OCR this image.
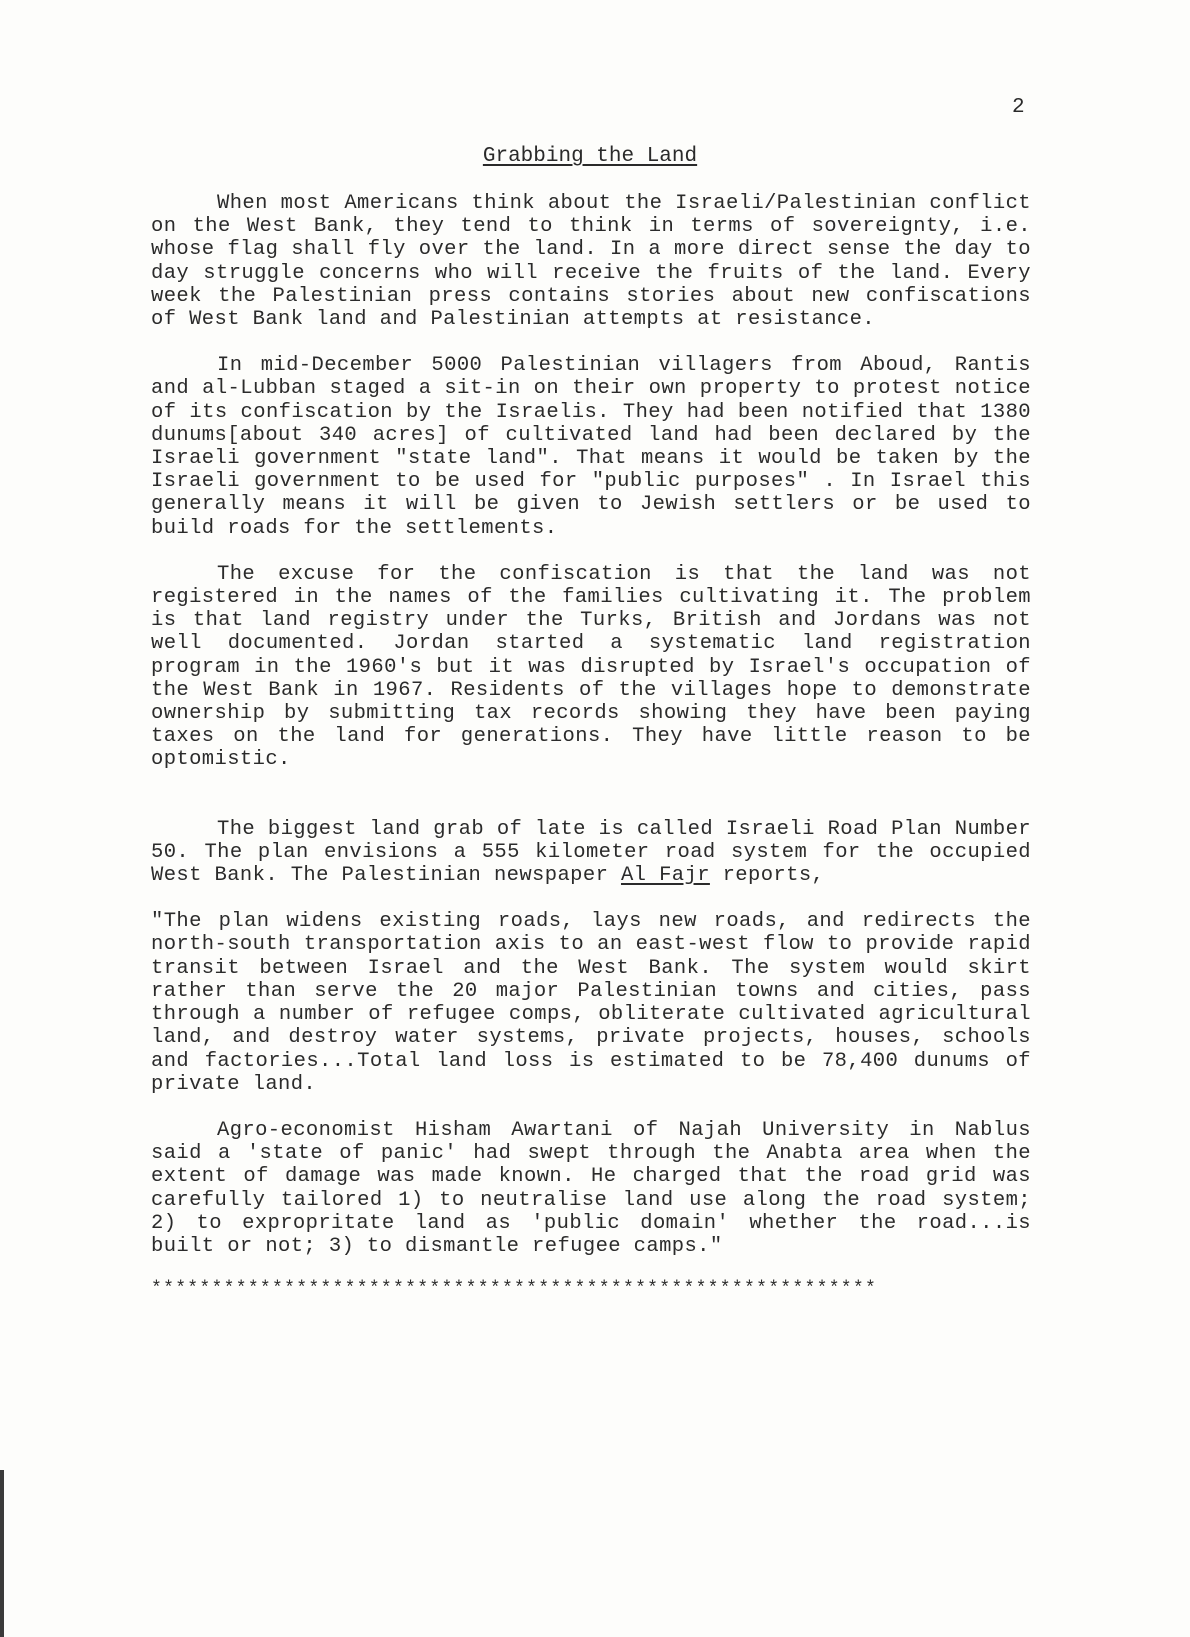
2
Grabbing the Land

When most Americans think about the Israeli/Palestinian conflict on the West Bank, they tend to think in terms of sovereignty, i.e. whose flag shall fly over the land. In a more direct sense the day to day struggle concerns who will receive the fruits of the land. Every week the Palestinian press contains stories about new confiscations of West Bank land and Palestinian attempts at resistance.

In mid-December 5000 Palestinian villagers from Aboud, Rantis and al-Lubban staged a sit-in on their own property to protest notice of its confiscation by the Israelis. They had been notified that 1380 dunums[about 340 acres] of cultivated land had been declared by the Israeli government "state land". That means it would be taken by the Israeli government to be used for "public purposes" . In Israel this generally means it will be given to Jewish settlers or be used to build roads for the settlements.

The excuse for the confiscation is that the land was not registered in the names of the families cultivating it. The problem is that land registry under the Turks, British and Jordans was not well documented. Jordan started a systematic land registration program in the 1960's but it was disrupted by Israel's occupation of the West Bank in 1967. Residents of the villages hope to demonstrate ownership by submitting tax records showing they have been paying taxes on the land for generations. They have little reason to be optomistic.

The biggest land grab of late is called Israeli Road Plan Number 50. The plan envisions a 555 kilometer road system for the occupied West Bank. The Palestinian newspaper Al Fajr reports,

"The plan widens existing roads, lays new roads, and redirects the north-south transportation axis to an east-west flow to provide rapid transit between Israel and the West Bank. The system would skirt rather than serve the 20 major Palestinian towns and cities, pass through a number of refugee comps, obliterate cultivated agricultural land, and destroy water systems, private projects, houses, schools and factories...Total land loss is estimated to be 78,400 dunums of private land.

Agro-economist Hisham Awartani of Najah University in Nablus said a 'state of panic' had swept through the Anabta area when the extent of damage was made known. He charged that the road grid was carefully tailored 1) to neutralise land use along the road system; 2) to expropritate land as 'public domain' whether the road...is built or not; 3) to dismantle refugee camps."

************************************************************
